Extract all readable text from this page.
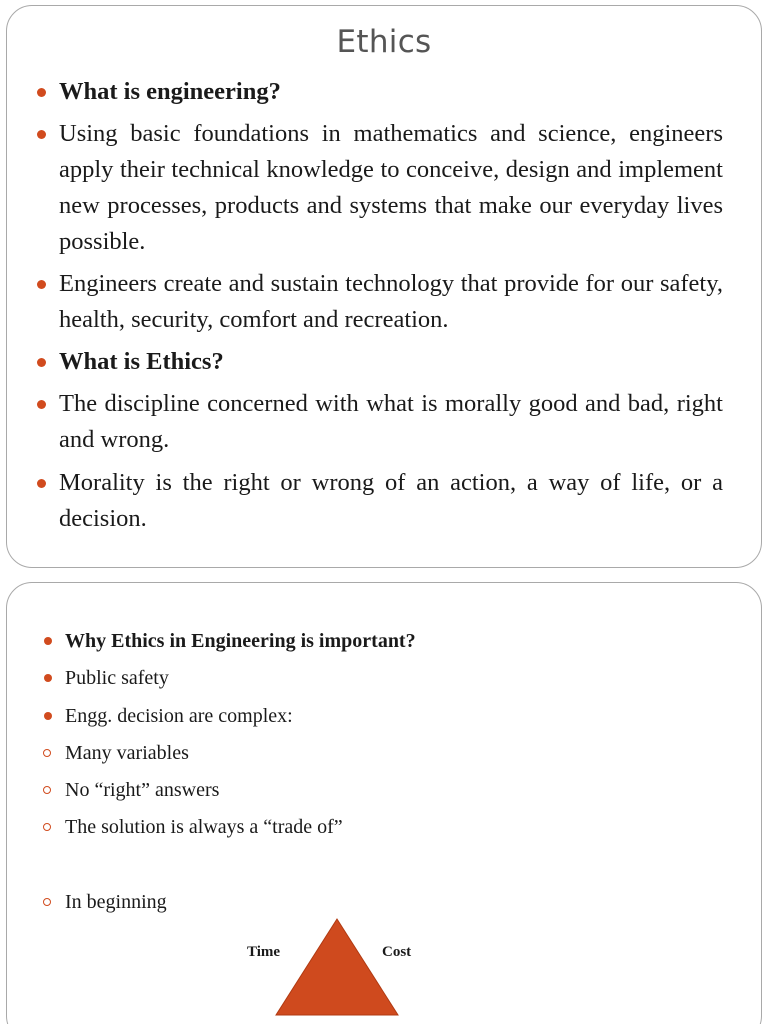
Ethics
What is engineering?
Using basic foundations in mathematics and science, engineers apply their technical knowledge to conceive, design and implement new processes, products and systems that make our everyday lives possible.
Engineers create and sustain technology that provide for our safety, health, security, comfort and recreation.
What is Ethics?
The discipline concerned with what is morally good and bad, right and wrong.
Morality is the right or wrong of an action, a way of life, or a decision.
Why Ethics in Engineering is important?
Public safety
Engg. decision are complex:
Many variables
No “right” answers
The solution is always a “trade of”
In beginning
Time	Cost
